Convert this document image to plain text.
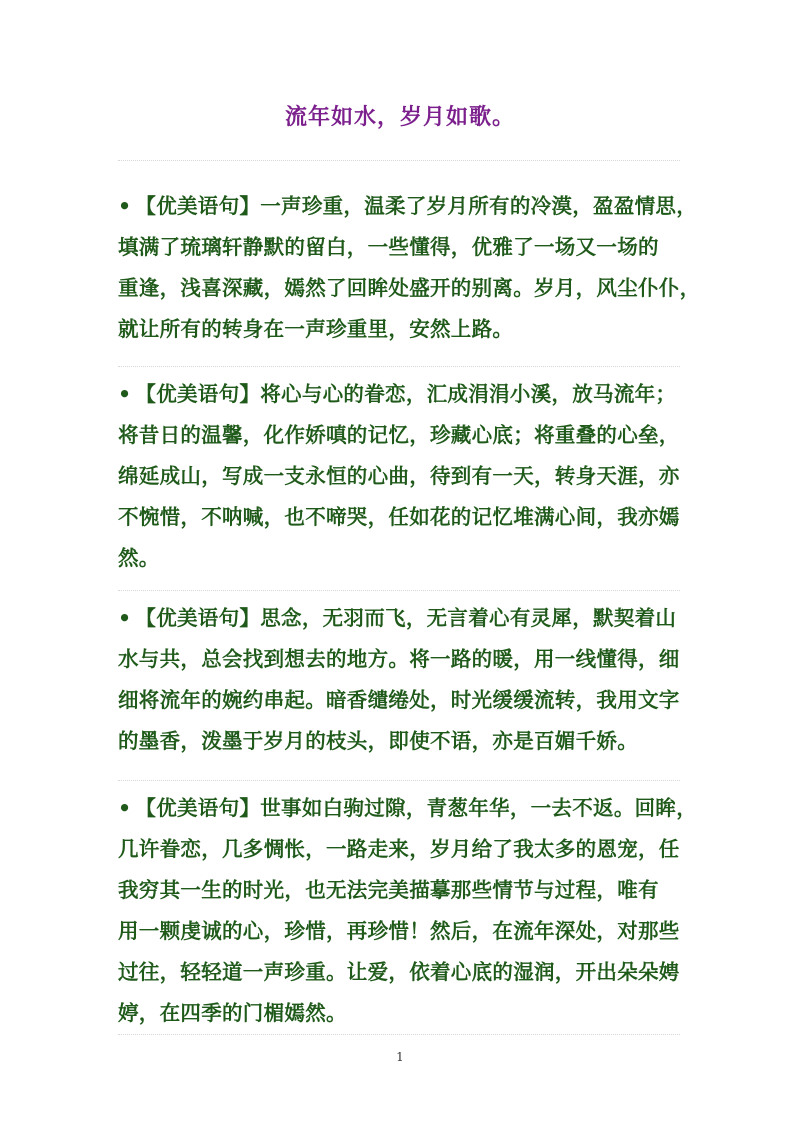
流年如水，岁月如歌。
• 【优美语句】一声珍重，温柔了岁月所有的冷漠，盈盈情思，
填满了琉璃轩静默的留白，一些懂得，优雅了一场又一场的
重逢，浅喜深藏，嫣然了回眸处盛开的别离。岁月，风尘仆仆，
就让所有的转身在一声珍重里，安然上路。
• 【优美语句】将心与心的眷恋，汇成涓涓小溪，放马流年；
将昔日的温馨，化作娇嗔的记忆，珍藏心底；将重叠的心垒，
绵延成山，写成一支永恒的心曲，待到有一天，转身天涯，亦
不惋惜，不呐喊，也不啼哭，任如花的记忆堆满心间，我亦嫣
然。
• 【优美语句】思念，无羽而飞，无言着心有灵犀，默契着山
水与共，总会找到想去的地方。将一路的暖，用一线懂得，细
细将流年的婉约串起。暗香缱绻处，时光缓缓流转，我用文字
的墨香，泼墨于岁月的枝头，即使不语，亦是百媚千娇。
• 【优美语句】世事如白驹过隙，青葱年华，一去不返。回眸，
几许眷恋，几多惆怅，一路走来，岁月给了我太多的恩宠，任
我穷其一生的时光，也无法完美描摹那些情节与过程，唯有
用一颗虔诚的心，珍惜，再珍惜！然后，在流年深处，对那些
过往，轻轻道一声珍重。让爱，依着心底的湿润，开出朵朵娉
婷，在四季的门楣嫣然。
1
